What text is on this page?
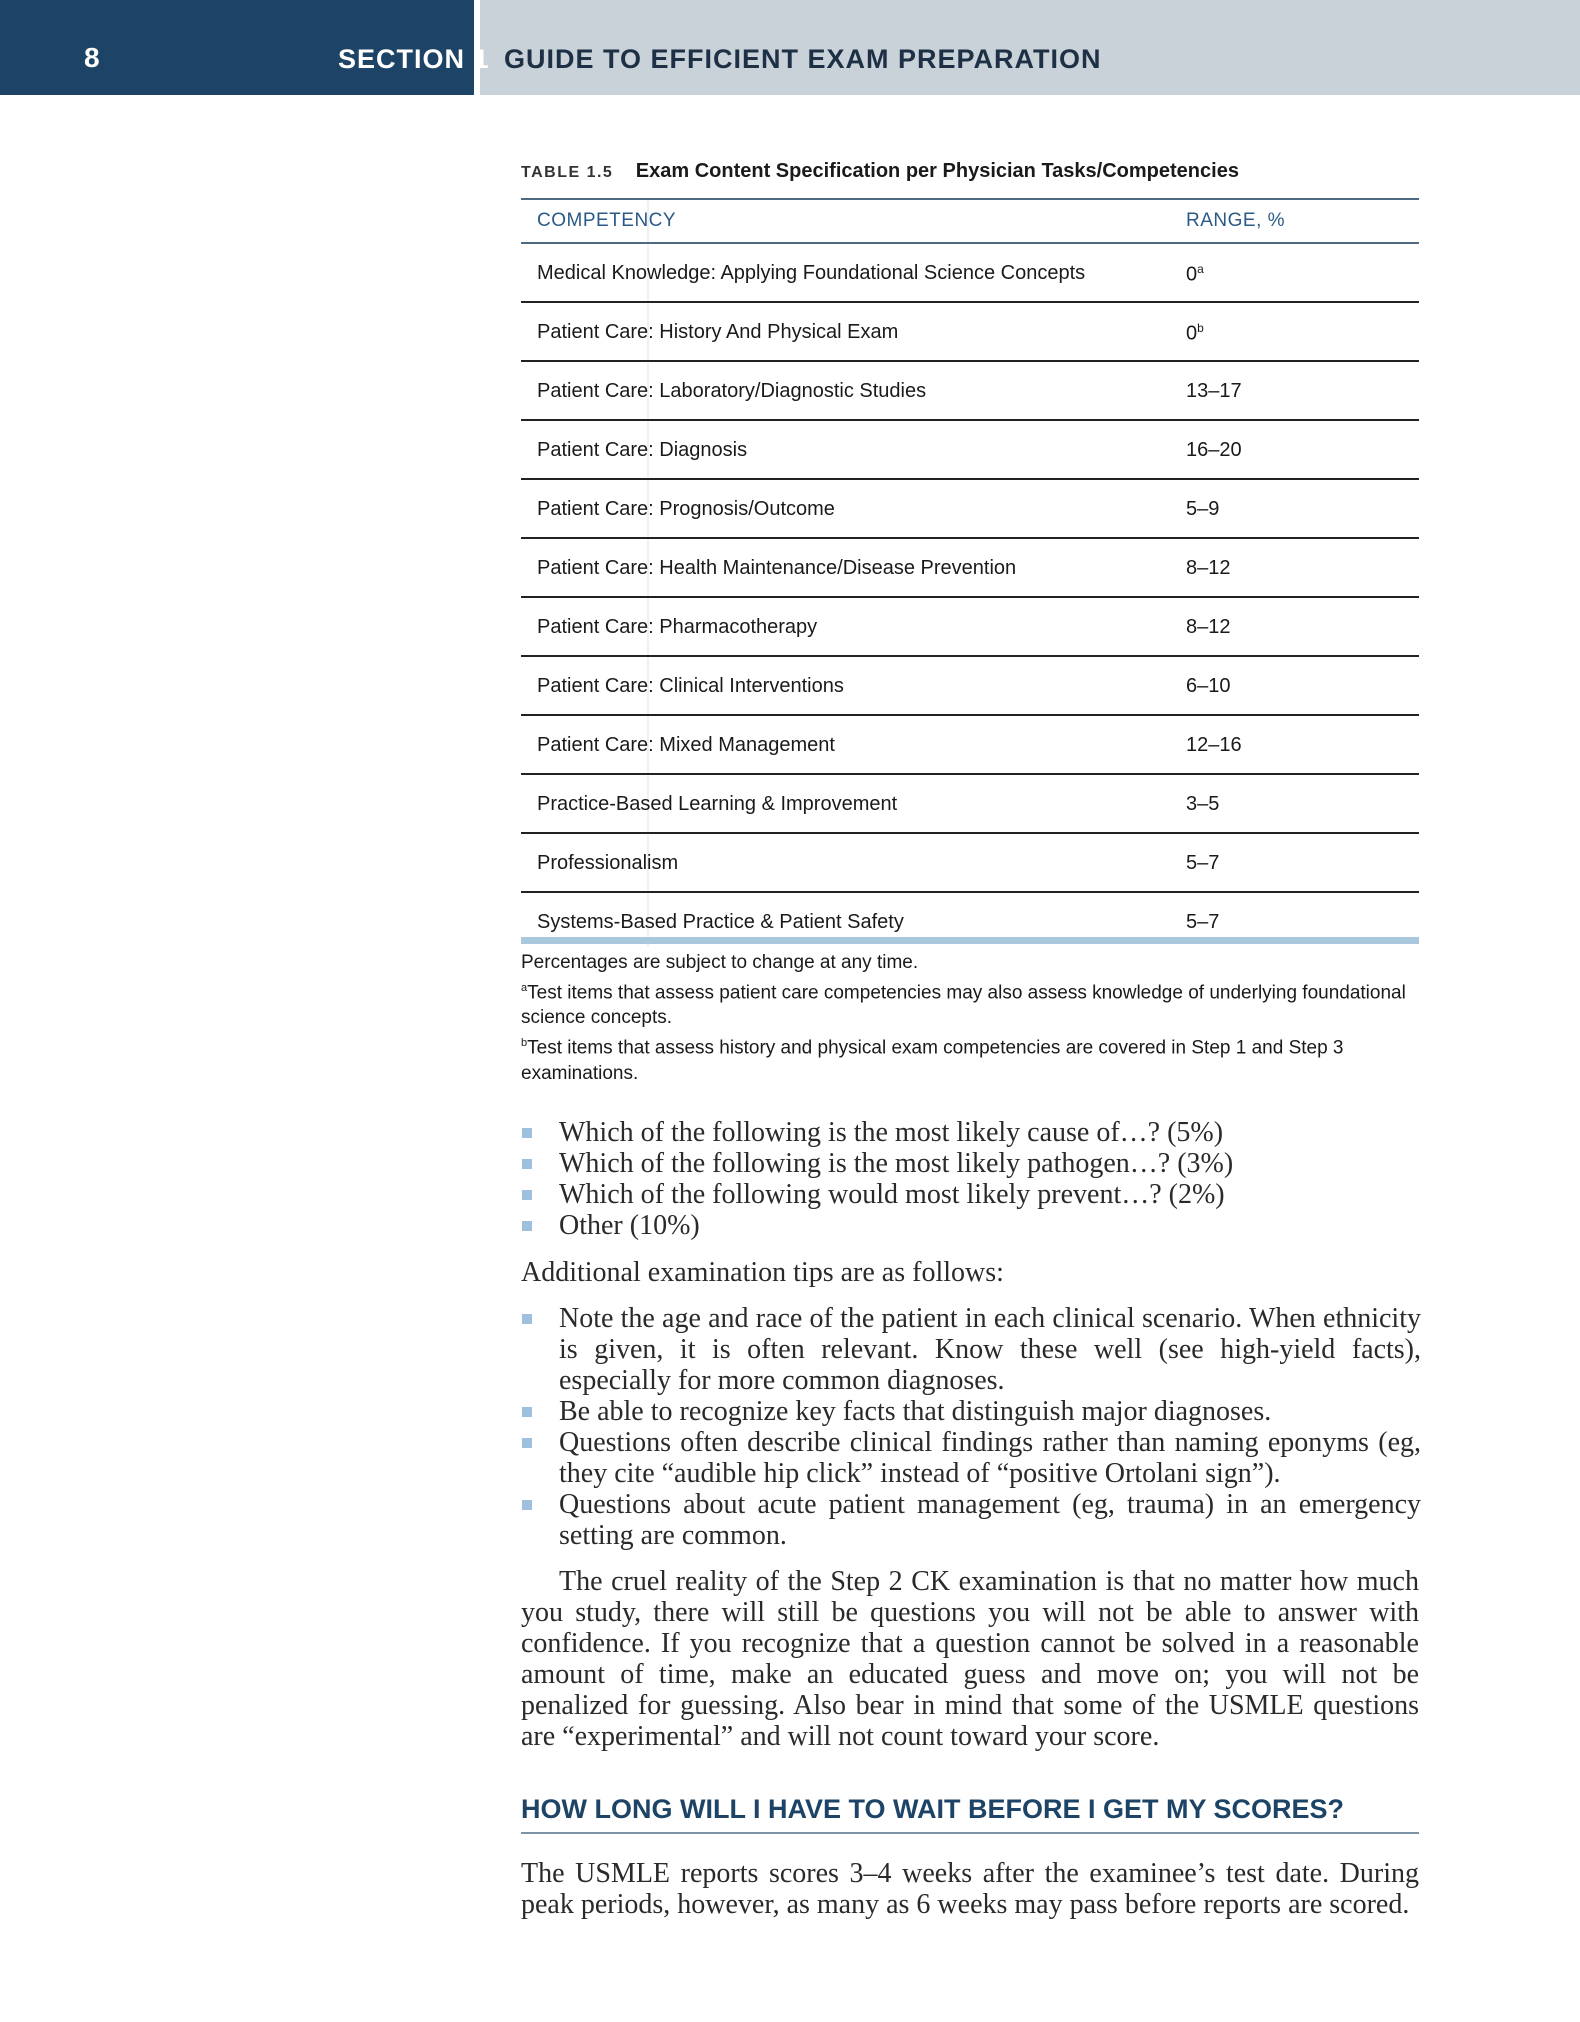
8	SECTION 1 GUIDE TO EFFICIENT EXAM PREPARATION
TABLE 1.5 Exam Content Specification per Physician Tasks/Competencies
COMPETENCY	RANGE, %
Medical Knowledge: Applying Foundational Science Concepts	0$^a$
Patient Care: History And Physical Exam	0$^b$
Patient Care: Laboratory/Diagnostic Studies	13–17
Patient Care: Diagnosis	16–20
Patient Care: Prognosis/Outcome	5–9
Patient Care: Health Maintenance/Disease Prevention	8–12
Patient Care: Pharmacotherapy	8–12
Patient Care: Clinical Interventions	6–10
Patient Care: Mixed Management	12–16
Practice-Based Learning & Improvement	3–5
Professionalism	5–7
Systems-Based Practice & Patient Safety	5–7

Percentages are subject to change at any time.

$^a$Test items that assess patient care competencies may also assess knowledge of underlying foundational science concepts.

$^b$Test items that assess history and physical exam competencies are covered in Step 1 and Step 3 examinations.

Which of the following is the most likely cause of…? (5%)
Which of the following is the most likely pathogen…? (3%)
Which of the following would most likely prevent…? (2%)
Other (10%)

Additional examination tips are as follows:

Note the age and race of the patient in each clinical scenario. When ethnicity is given, it is often relevant. Know these well (see high-yield facts), especially for more common diagnoses.
Be able to recognize key facts that distinguish major diagnoses.
Questions often describe clinical findings rather than naming eponyms (eg, they cite “audible hip click” instead of “positive Ortolani sign”).
Questions about acute patient management (eg, trauma) in an emergency setting are common.

The cruel reality of the Step 2 CK examination is that no matter how much you study, there will still be questions you will not be able to answer with confidence. If you recognize that a question cannot be solved in a reasonable amount of time, make an educated guess and move on; you will not be penalized for guessing. Also bear in mind that some of the USMLE questions are “experimental” and will not count toward your score.

HOW LONG WILL I HAVE TO WAIT BEFORE I GET MY SCORES?

The USMLE reports scores 3–4 weeks after the examinee’s test date. During peak periods, however, as many as 6 weeks may pass before reports are scored.
